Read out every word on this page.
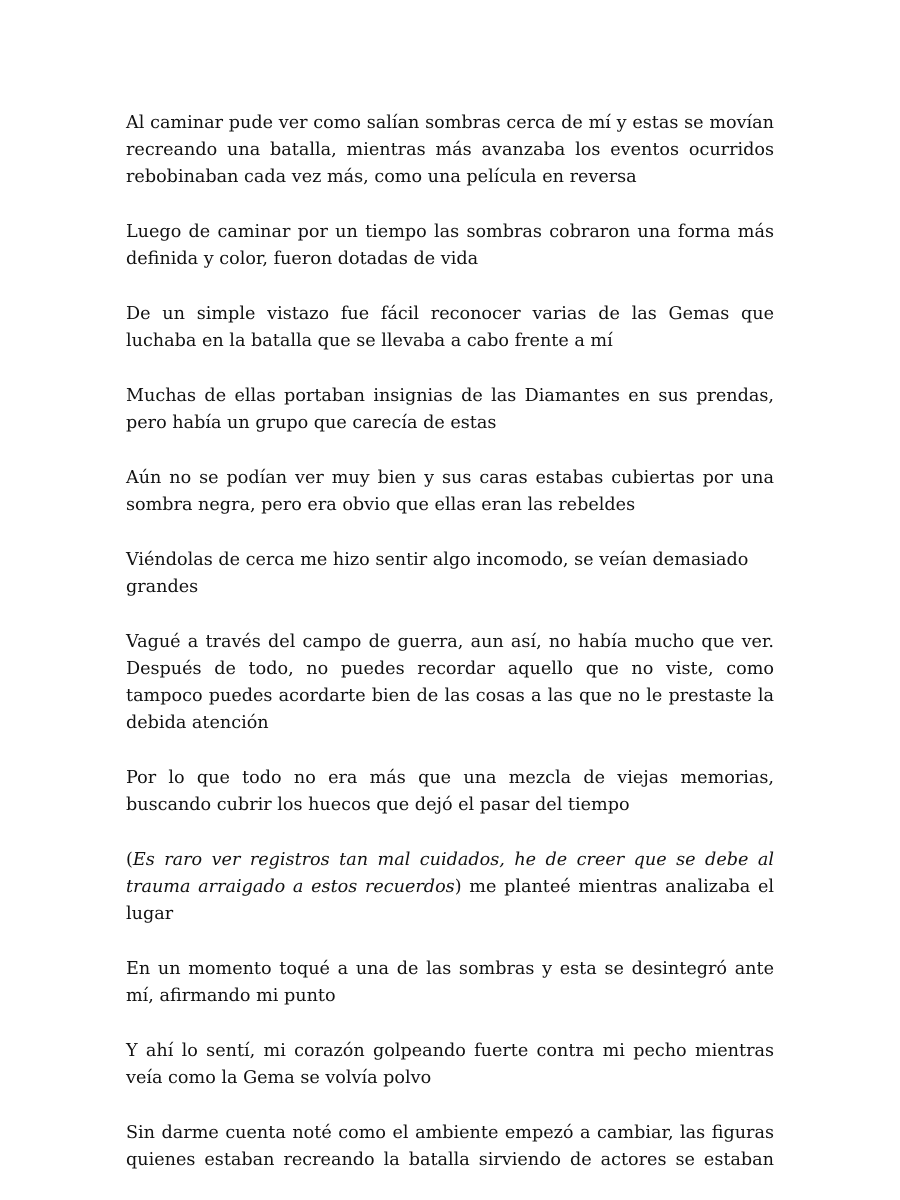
Al caminar pude ver como salían sombras cerca de mí y estas se movían recreando una batalla, mientras más avanzaba los eventos ocurridos rebobinaban cada vez más, como una película en reversa

Luego de caminar por un tiempo las sombras cobraron una forma más definida y color, fueron dotadas de vida

De un simple vistazo fue fácil reconocer varias de las Gemas que luchaba en la batalla que se llevaba a cabo frente a mí

Muchas de ellas portaban insignias de las Diamantes en sus prendas, pero había un grupo que carecía de estas

Aún no se podían ver muy bien y sus caras estabas cubiertas por una sombra negra, pero era obvio que ellas eran las rebeldes

Viéndolas de cerca me hizo sentir algo incomodo, se veían demasiado grandes

Vagué a través del campo de guerra, aun así, no había mucho que ver. Después de todo, no puedes recordar aquello que no viste, como tampoco puedes acordarte bien de las cosas a las que no le prestaste la debida atención

Por lo que todo no era más que una mezcla de viejas memorias, buscando cubrir los huecos que dejó el pasar del tiempo

(Es raro ver registros tan mal cuidados, he de creer que se debe al trauma arraigado a estos recuerdos) me planteé mientras analizaba el lugar

En un momento toqué a una de las sombras y esta se desintegró ante mí, afirmando mi punto

Y ahí lo sentí, mi corazón golpeando fuerte contra mi pecho mientras veía como la Gema se volvía polvo

Sin darme cuenta noté como el ambiente empezó a cambiar, las figuras quienes estaban recreando la batalla sirviendo de actores se estaban
